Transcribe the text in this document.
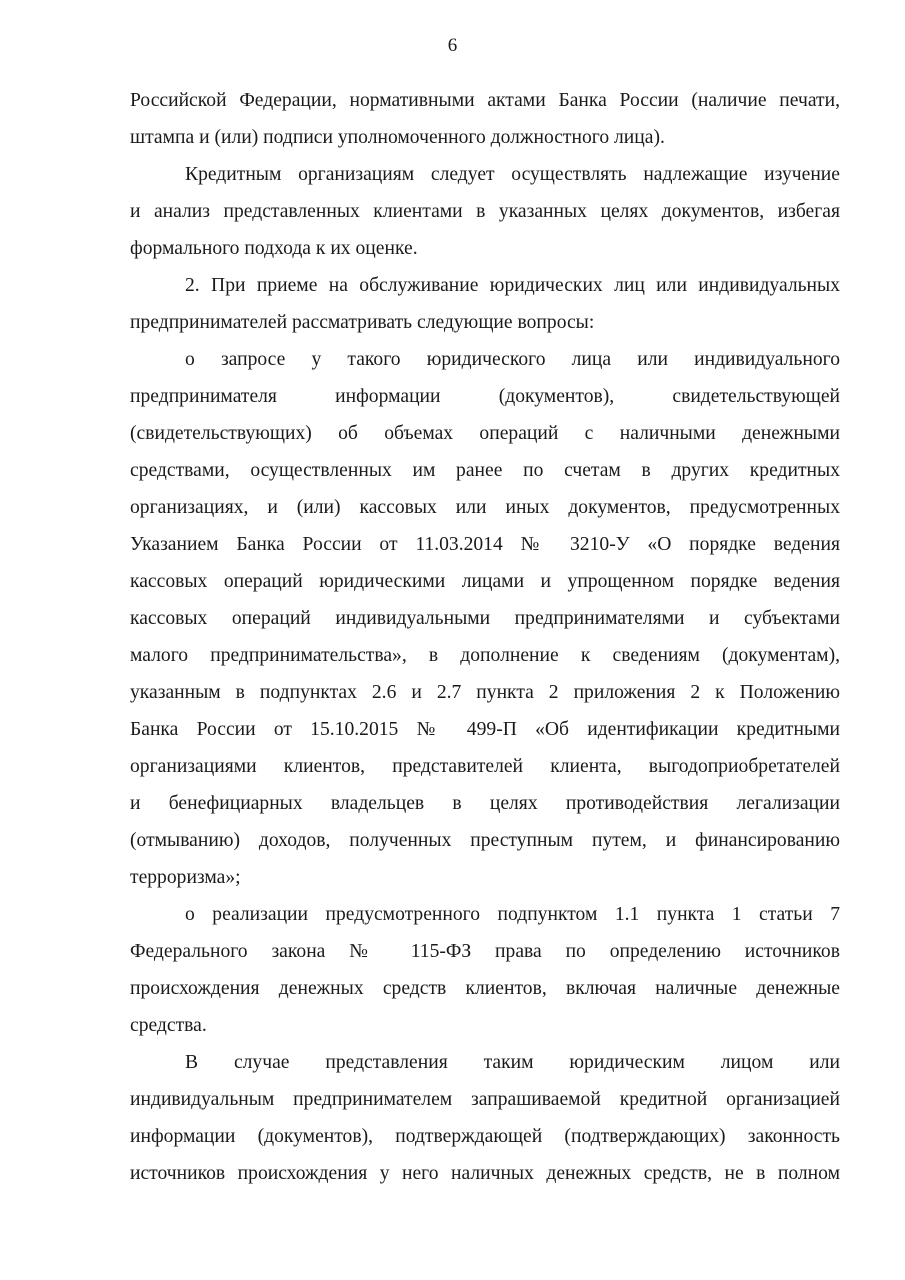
6
Российской Федерации, нормативными актами Банка России (наличие печати,
штампа и (или) подписи уполномоченного должностного лица).
Кредитным организациям следует осуществлять надлежащие изучение
и анализ представленных клиентами в указанных целях документов, избегая
формального подхода к их оценке.
2. При приеме на обслуживание юридических лиц или индивидуальных
предпринимателей рассматривать следующие вопросы:
о запросе у такого юридического лица или индивидуального
предпринимателя информации (документов), свидетельствующей
(свидетельствующих) об объемах операций с наличными денежными
средствами, осуществленных им ранее по счетам в других кредитных
организациях, и (или) кассовых или иных документов, предусмотренных
Указанием Банка России от 11.03.2014 № 3210-У «О порядке ведения
кассовых операций юридическими лицами и упрощенном порядке ведения
кассовых операций индивидуальными предпринимателями и субъектами
малого предпринимательства», в дополнение к сведениям (документам),
указанным в подпунктах 2.6 и 2.7 пункта 2 приложения 2 к Положению
Банка России от 15.10.2015 № 499-П «Об идентификации кредитными
организациями клиентов, представителей клиента, выгодоприобретателей
и бенефициарных владельцев в целях противодействия легализации
(отмыванию) доходов, полученных преступным путем, и финансированию
терроризма»;
о реализации предусмотренного подпунктом 1.1 пункта 1 статьи 7
Федерального закона № 115-ФЗ права по определению источников
происхождения денежных средств клиентов, включая наличные денежные
средства.
В случае представления таким юридическим лицом или
индивидуальным предпринимателем запрашиваемой кредитной организацией
информации (документов), подтверждающей (подтверждающих) законность
источников происхождения у него наличных денежных средств, не в полном
